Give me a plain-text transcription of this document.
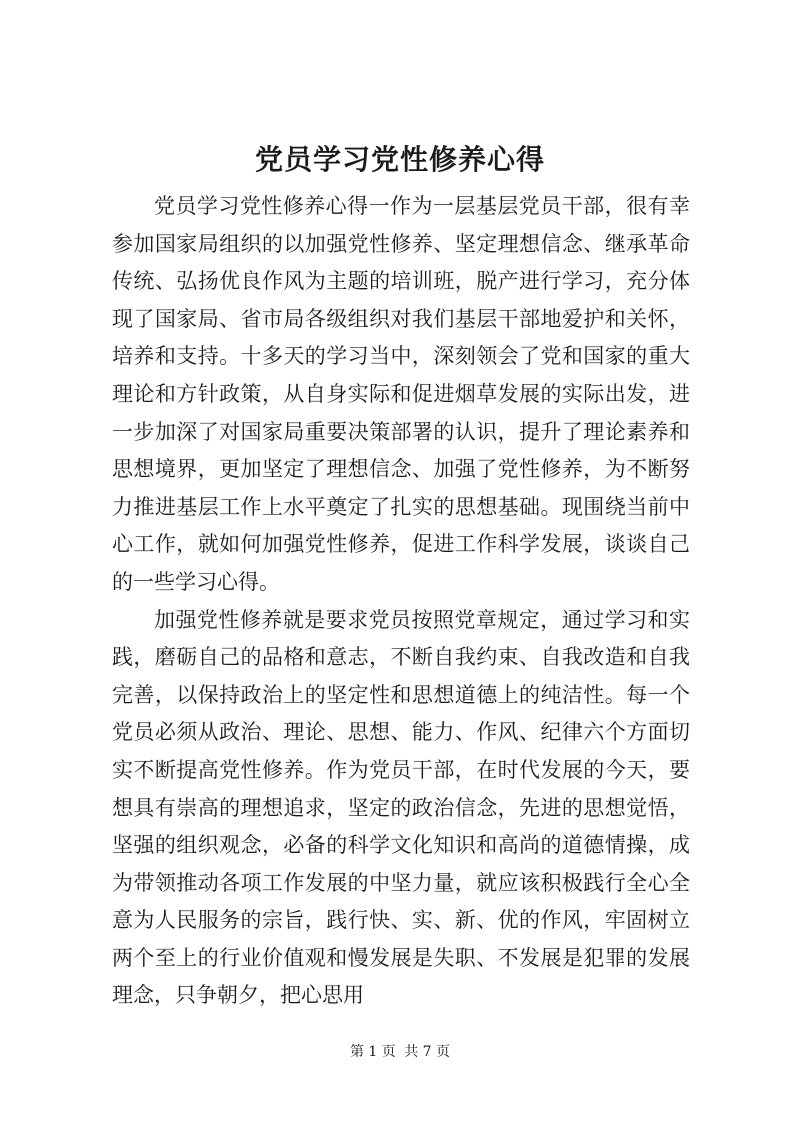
党员学习党性修养心得

党员学习党性修养心得一作为一层基层党员干部，很有幸参加国家局组织的以加强党性修养、坚定理想信念、继承革命传统、弘扬优良作风为主题的培训班，脱产进行学习，充分体现了国家局、省市局各级组织对我们基层干部地爱护和关怀，培养和支持。十多天的学习当中，深刻领会了党和国家的重大理论和方针政策，从自身实际和促进烟草发展的实际出发，进一步加深了对国家局重要决策部署的认识，提升了理论素养和思想境界，更加坚定了理想信念、加强了党性修养，为不断努力推进基层工作上水平奠定了扎实的思想基础。现围绕当前中心工作，就如何加强党性修养，促进工作科学发展，谈谈自己的一些学习心得。

加强党性修养就是要求党员按照党章规定，通过学习和实践，磨砺自己的品格和意志，不断自我约束、自我改造和自我完善，以保持政治上的坚定性和思想道德上的纯洁性。每一个党员必须从政治、理论、思想、能力、作风、纪律六个方面切实不断提高党性修养。作为党员干部，在时代发展的今天，要想具有崇高的理想追求，坚定的政治信念，先进的思想觉悟，坚强的组织观念，必备的科学文化知识和高尚的道德情操，成为带领推动各项工作发展的中坚力量，就应该积极践行全心全意为人民服务的宗旨，践行快、实、新、优的作风，牢固树立两个至上的行业价值观和慢发展是失职、不发展是犯罪的发展理念，只争朝夕，把心思用

第 1 页 共 7 页
